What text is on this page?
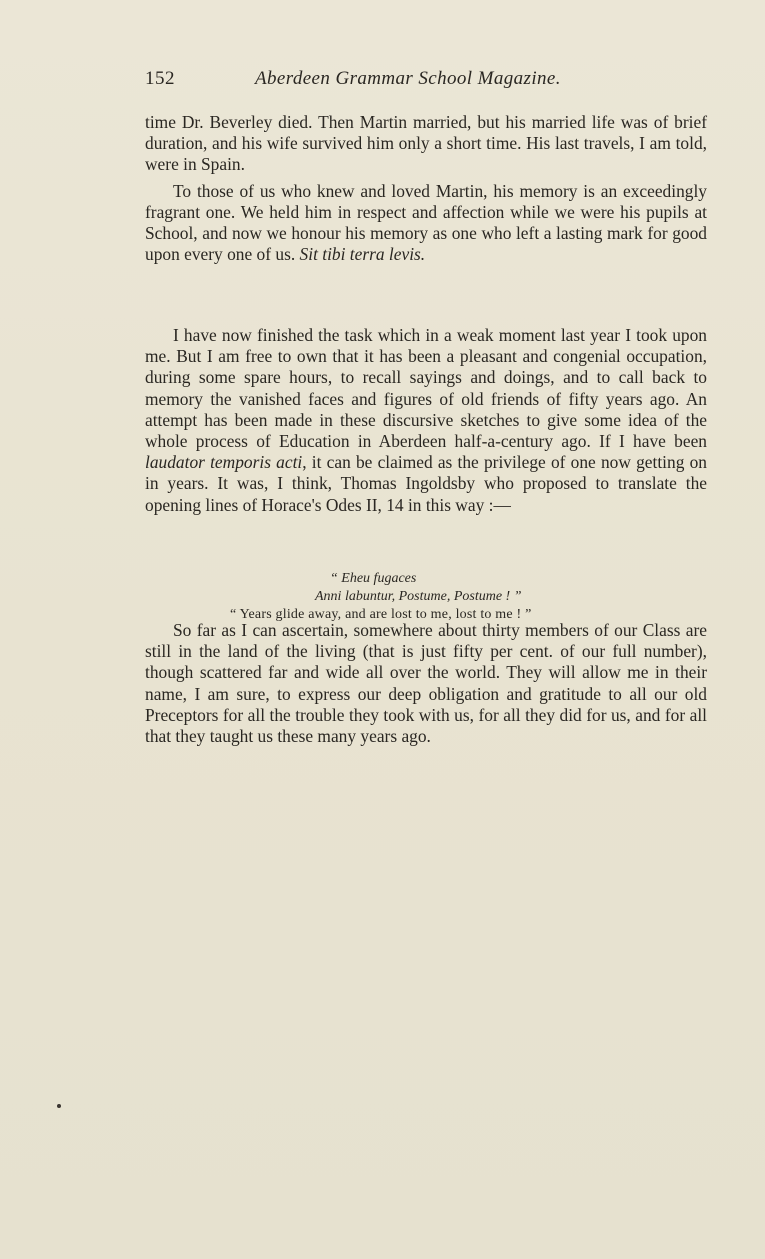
152	Aberdeen Grammar School Magazine.

time Dr. Beverley died. Then Martin married, but his married life was of brief duration, and his wife survived him only a short time. His last travels, I am told, were in Spain.

To those of us who knew and loved Martin, his memory is an exceedingly fragrant one. We held him in respect and affection while we were his pupils at School, and now we honour his memory as one who left a lasting mark for good upon every one of us. Sit tibi terra levis.

I have now finished the task which in a weak moment last year I took upon me. But I am free to own that it has been a pleasant and congenial occupation, during some spare hours, to recall sayings and doings, and to call back to memory the vanished faces and figures of old friends of fifty years ago. An attempt has been made in these discursive sketches to give some idea of the whole process of Education in Aberdeen half-a-century ago. If I have been laudator temporis acti, it can be claimed as the privilege of one now getting on in years. It was, I think, Thomas Ingoldsby who proposed to translate the opening lines of Horace's Odes II, 14 in this way :—

“ Eheu fugaces
Anni labuntur, Postume, Postume ! ”
“ Years glide away, and are lost to me, lost to me ! ”

So far as I can ascertain, somewhere about thirty members of our Class are still in the land of the living (that is just fifty per cent. of our full number), though scattered far and wide all over the world. They will allow me in their name, I am sure, to express our deep obligation and gratitude to all our old Preceptors for all the trouble they took with us, for all they did for us, and for all that they taught us these many years ago.
